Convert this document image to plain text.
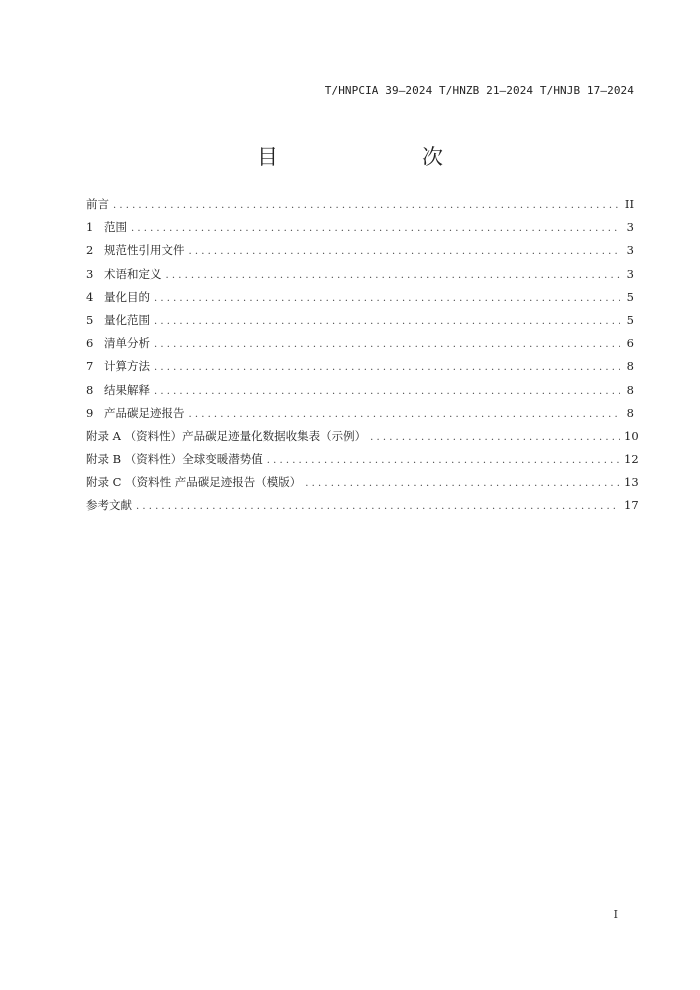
T/HNPCIA 39—2024 T/HNZB 21—2024 T/HNJB 17—2024
目　　次
前言 . . .	II
1 范围 . . .	3
2 规范性引用文件 . . .	3
3 术语和定义 . . .	3
4 量化目的 . . .	5
5 量化范围 . . .	5
6 清单分析 . . .	6
7 计算方法 . . .	8
8 结果解释 . . .	8
9 产品碳足迹报告 . . .	8
附录 A （资料性）产品碳足迹量化数据收集表（示例） . . .	10
附录 B （资料性）全球变暖潜势值 . . .	12
附录 C （资料性 产品碳足迹报告（模版） . . .	13
参考文献 . . .	17
I
